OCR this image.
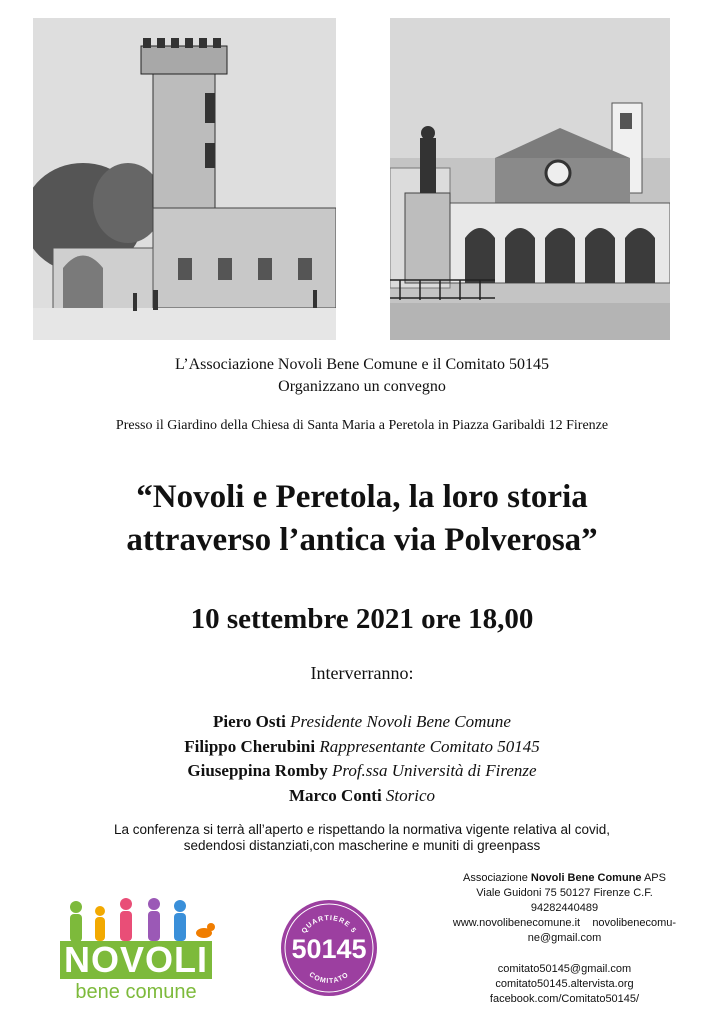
L’Associazione Novoli Bene Comune e il Comitato 50145
Organizzano un convegno
Presso il Giardino della Chiesa di Santa Maria a Peretola in Piazza Garibaldi 12 Firenze
“Novoli e Peretola, la loro storia
attraverso l’antica via Polverosa”
10 settembre 2021 ore 18,00
Interverranno:
Piero Osti Presidente Novoli Bene Comune
Filippo Cherubini Rappresentante Comitato 50145
Giuseppina Romby Prof.ssa Università di Firenze
Marco Conti Storico
La conferenza si terrà all’aperto e rispettando la normativa vigente relativa al covid,
sedendosi distanziati,con mascherine e muniti di greenpass
Associazione Novoli Bene Comune APS
Viale Guidoni 75 50127 Firenze C.F.
94282440489
www.novolibenecomune.it    novolibenecomu-
ne@gmail.com
comitato50145@gmail.com
comitato50145.altervista.org
facebook.com/Comitato50145/
NOVOLI
bene comune
QUARTIERE 5
50145
COMITATO
